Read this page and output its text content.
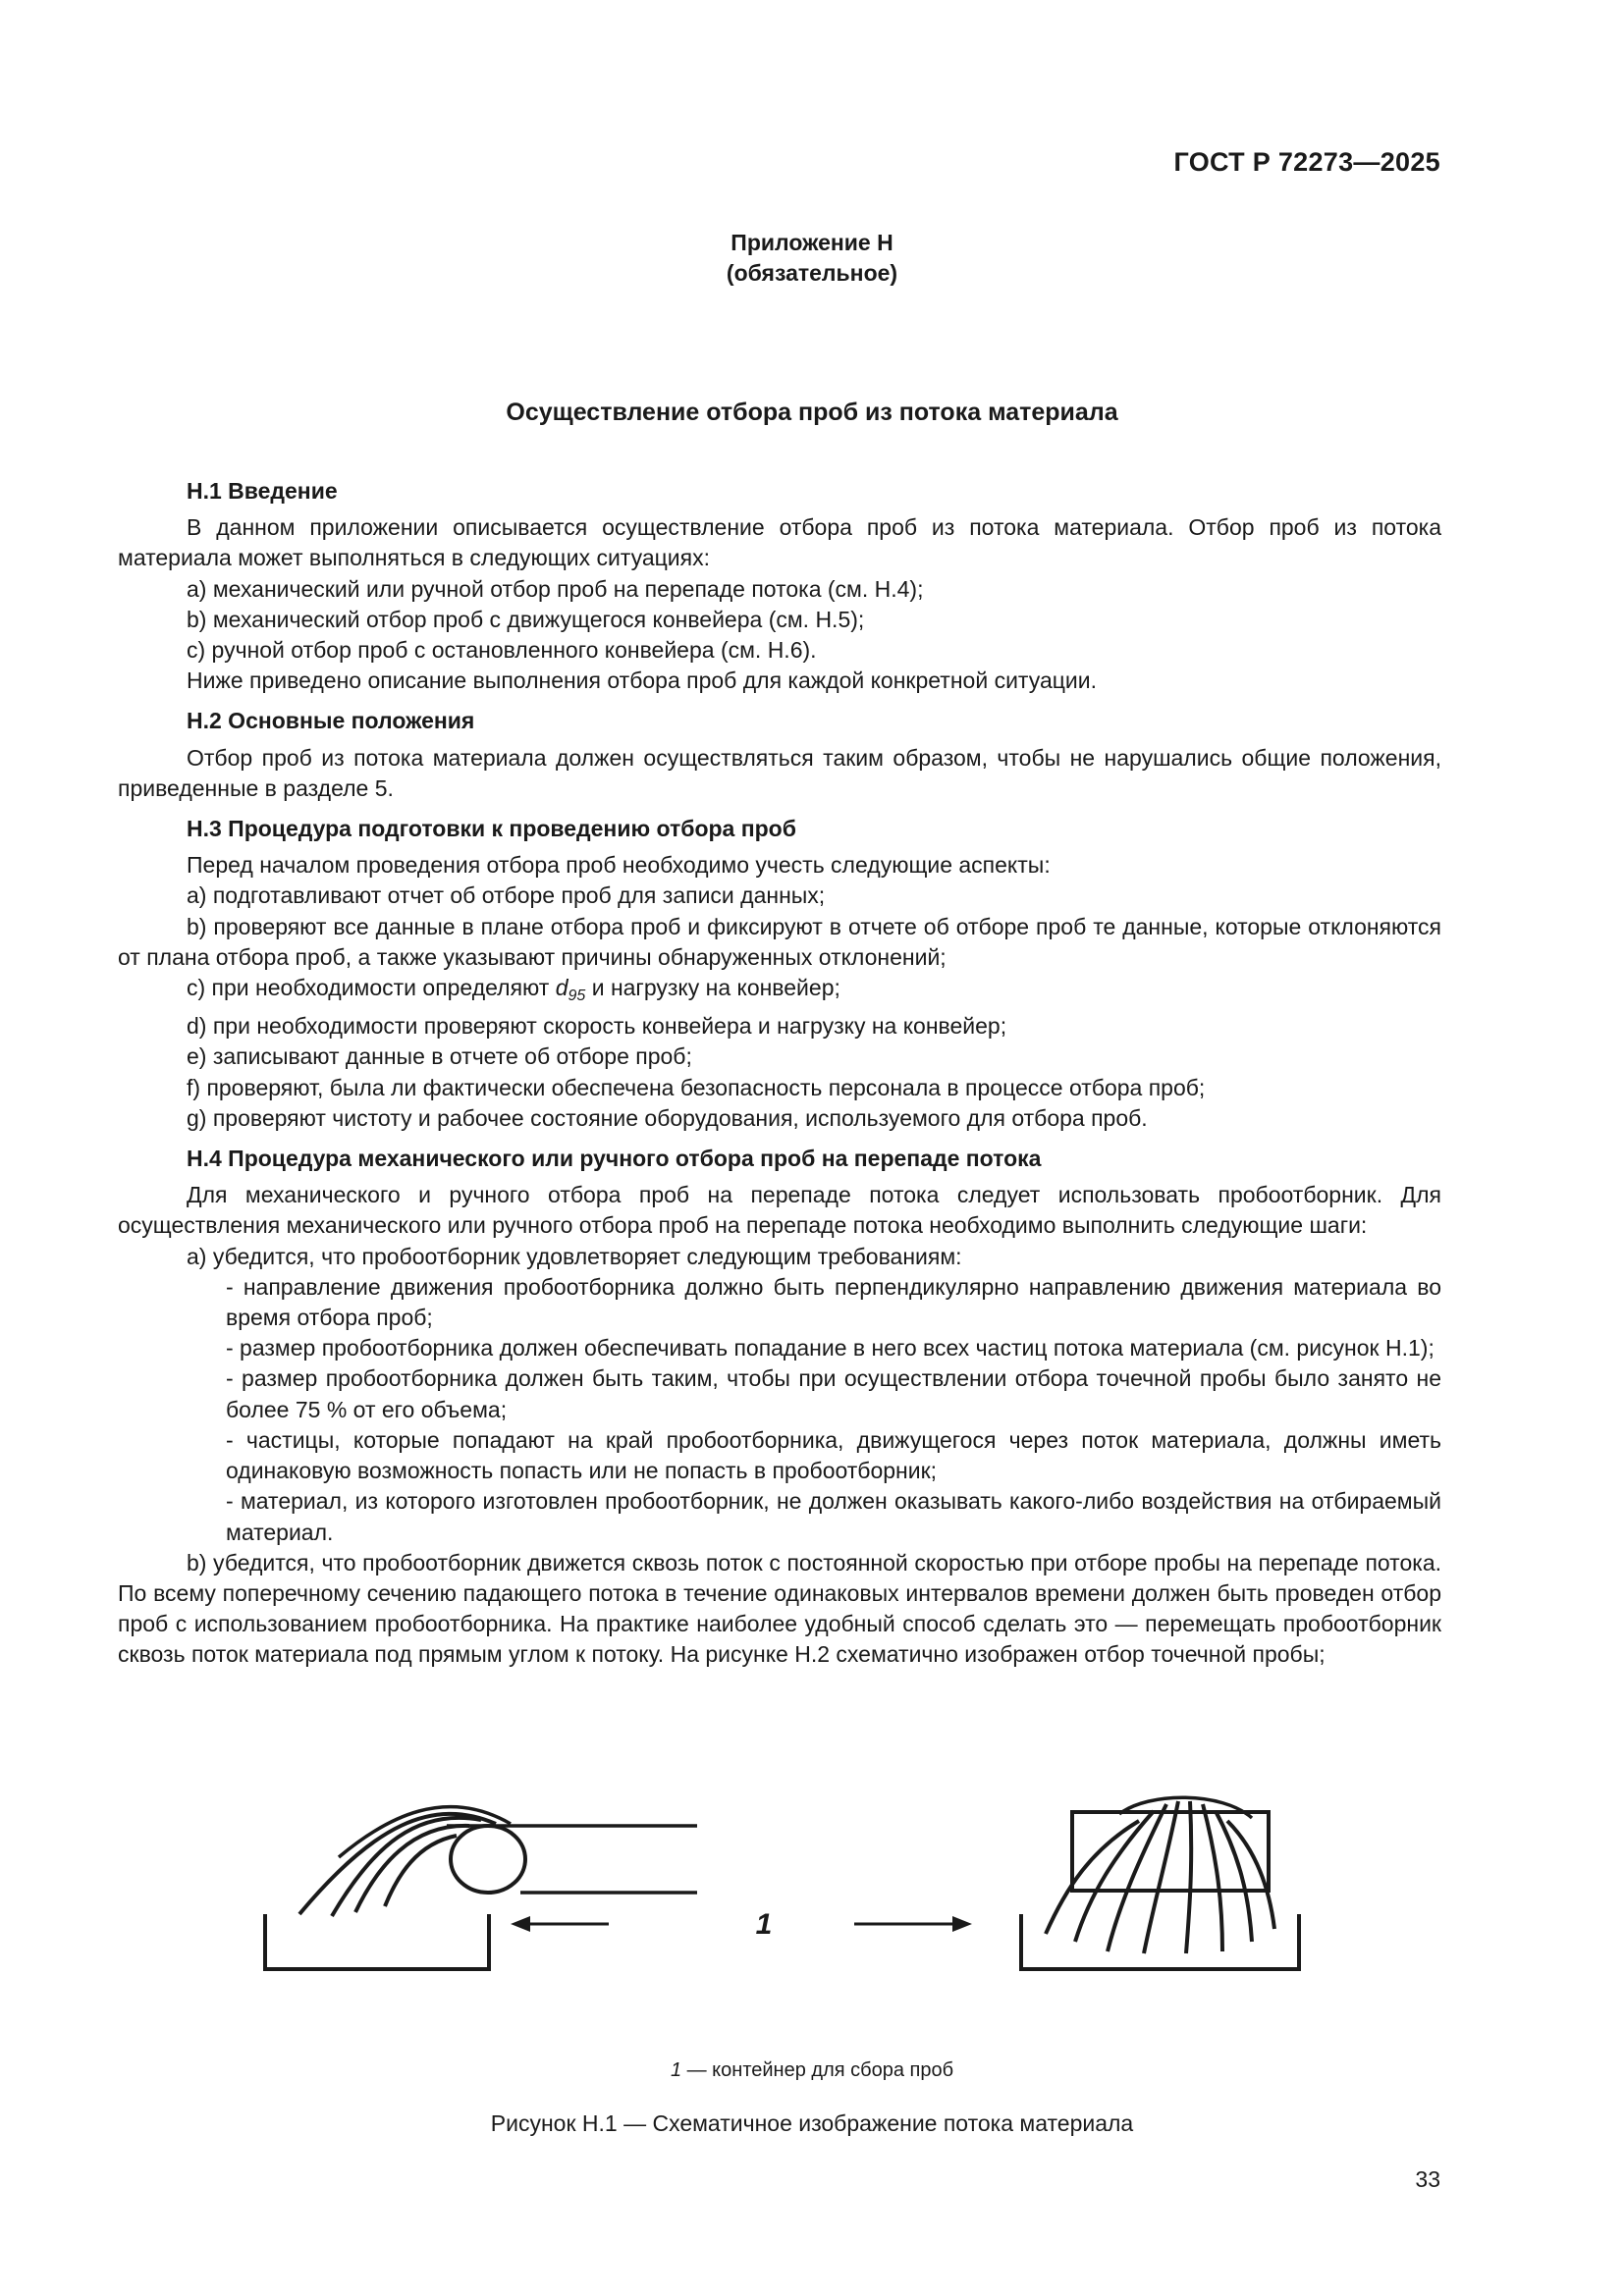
ГОСТ Р 72273—2025
Приложение Н
(обязательное)
Осуществление отбора проб из потока материала

Н.1 Введение

В данном приложении описывается осуществление отбора проб из потока материала. Отбор проб из потока материала может выполняться в следующих ситуациях:

a) механический или ручной отбор проб на перепаде потока (см. Н.4);

b) механический отбор проб с движущегося конвейера (см. Н.5);

c) ручной отбор проб с остановленного конвейера (см. Н.6).

Ниже приведено описание выполнения отбора проб для каждой конкретной ситуации.

Н.2 Основные положения

Отбор проб из потока материала должен осуществляться таким образом, чтобы не нарушались общие положения, приведенные в разделе 5.

Н.3 Процедура подготовки к проведению отбора проб

Перед началом проведения отбора проб необходимо учесть следующие аспекты:

a) подготавливают отчет об отборе проб для записи данных;

b) проверяют все данные в плане отбора проб и фиксируют в отчете об отборе проб те данные, которые отклоняются от плана отбора проб, а также указывают причины обнаруженных отклонений;

c) при необходимости определяют $d_{95}$ и нагрузку на конвейер;

d) при необходимости проверяют скорость конвейера и нагрузку на конвейер;

e) записывают данные в отчете об отборе проб;

f) проверяют, была ли фактически обеспечена безопасность персонала в процессе отбора проб;

g) проверяют чистоту и рабочее состояние оборудования, используемого для отбора проб.

Н.4 Процедура механического или ручного отбора проб на перепаде потока

Для механического и ручного отбора проб на перепаде потока следует использовать пробоотборник. Для осуществления механического или ручного отбора проб на перепаде потока необходимо выполнить следующие шаги:

a) убедится, что пробоотборник удовлетворяет следующим требованиям:

- направление движения пробоотборника должно быть перпендикулярно направлению движения материала во время отбора проб;

- размер пробоотборника должен обеспечивать попадание в него всех частиц потока материала (см. рисунок Н.1);

- размер пробоотборника должен быть таким, чтобы при осуществлении отбора точечной пробы было занято не более 75 % от его объема;

- частицы, которые попадают на край пробоотборника, движущегося через поток материала, должны иметь одинаковую возможность попасть или не попасть в пробоотборник;

- материал, из которого изготовлен пробоотборник, не должен оказывать какого-либо воздействия на отбираемый материал.

b) убедится, что пробоотборник движется сквозь поток с постоянной скоростью при отборе пробы на перепаде потока. По всему поперечному сечению падающего потока в течение одинаковых интервалов времени должен быть проведен отбор проб с использованием пробоотборника. На практике наиболее удобный способ сделать это — перемещать пробоотборник сквозь поток материала под прямым углом к потоку. На рисунке Н.2 схематично изображен отбор точечной пробы;

1
1 — контейнер для сбора проб
Рисунок Н.1 — Схематичное изображение потока материала
33
